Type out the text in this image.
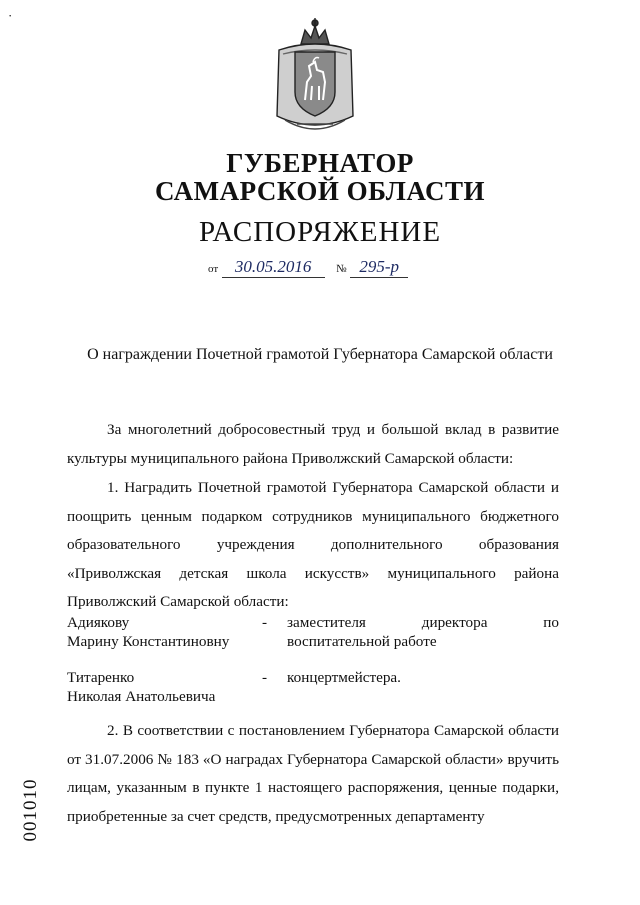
·
ГУБЕРНАТОР
САМАРСКОЙ ОБЛАСТИ
РАСПОРЯЖЕНИЕ
от 30.05.2016 № 295-р
О награждении Почетной грамотой Губернатора Самарской области

За многолетний добросовестный труд и большой вклад в развитие культуры муниципального района Приволжский Самарской области:

1. Наградить Почетной грамотой Губернатора Самарской области и поощрить ценным подарком сотрудников муниципального бюджетного образовательного учреждения дополнительного образования «Приволжская детская школа искусств» муниципального района Приволжский Самарской области:

Адиякову
Марину Константиновну
- заместителя директора по воспитательной работе
Титаренко
Николая Анатольевича
- концертмейстера.

2. В соответствии с постановлением Губернатора Самарской области от 31.07.2006 № 183 «О наградах Губернатора Самарской области» вручить лицам, указанным в пункте 1 настоящего распоряжения, ценные подарки, приобретенные за счет средств, предусмотренных департаменту

001010
